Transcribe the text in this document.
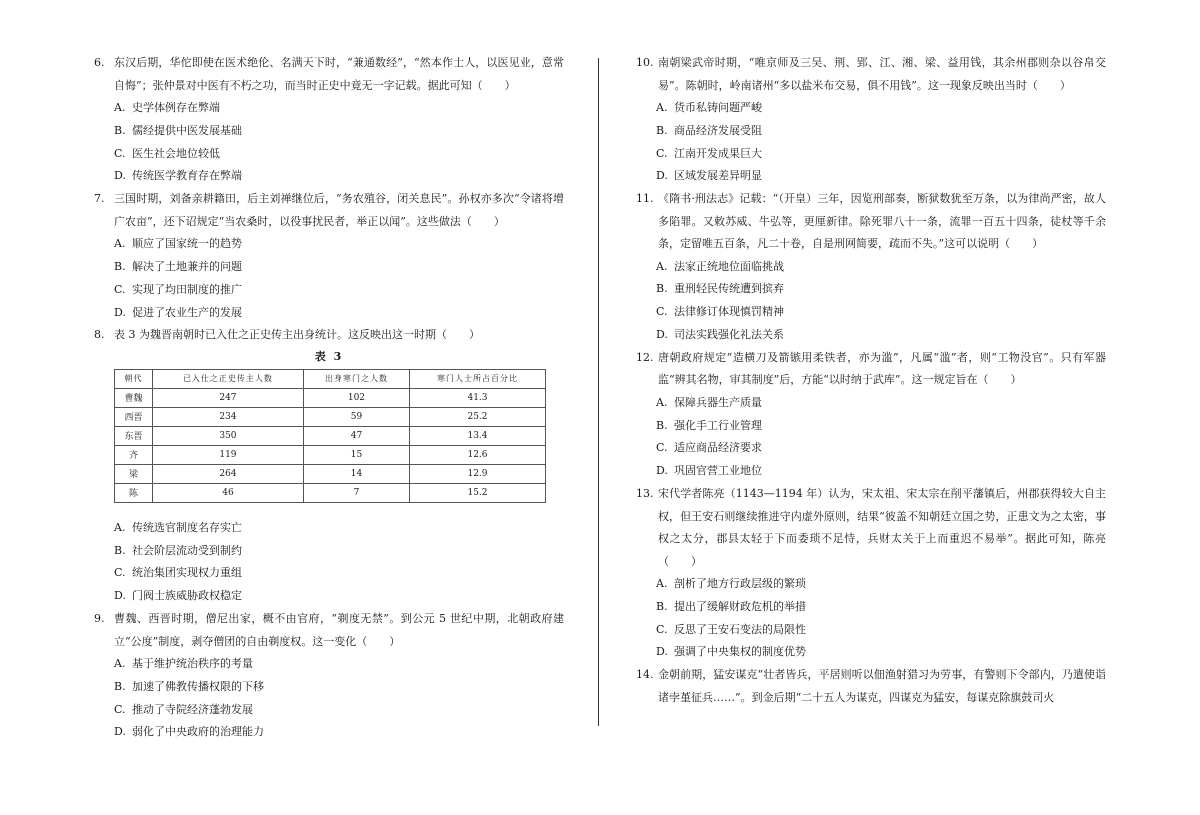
6. 东汉后期，华佗即使在医术绝伦、名满天下时，“兼通数经”，“然本作士人，以医见业，意常自悔”；张仲景对中医有不朽之功，而当时正史中竟无一字记载。据此可知（　　）
A. 史学体例存在弊端
B. 儒经提供中医发展基础
C. 医生社会地位较低
D. 传统医学教育存在弊端
7. 三国时期，刘备亲耕籍田，后主刘禅继位后，“务农殖谷，闭关息民”。孙权亦多次“令诸将增广农亩”，还下诏规定“当农桑时，以役事扰民者，举正以闻”。这些做法（　　）
A. 顺应了国家统一的趋势
B. 解决了土地兼并的问题
C. 实现了均田制度的推广
D. 促进了农业生产的发展
8. 表 3 为魏晋南朝时已入仕之正史传主出身统计。这反映出这一时期（　　）
表 3
朝代	已入仕之正史传主人数	出身寒门之人数	寒门人士所占百分比
曹魏	247	102	41.3
西晋	234	59	25.2
东晋	350	47	13.4
齐	119	15	12.6
梁	264	14	12.9
陈	46	7	15.2
A. 传统选官制度名存实亡
B. 社会阶层流动受到制约
C. 统治集团实现权力重组
D. 门阀士族威胁政权稳定
9. 曹魏、西晋时期，僧尼出家，概不由官府，“剃度无禁”。到公元 5 世纪中期，北朝政府建立“公度”制度，剥夺僧团的自由剃度权。这一变化（　　）
A. 基于维护统治秩序的考量
B. 加速了佛教传播权限的下移
C. 推动了寺院经济蓬勃发展
D. 弱化了中央政府的治理能力
10. 南朝梁武帝时期，“唯京师及三吴、荆、郢、江、湘、梁、益用钱，其余州郡则杂以谷帛交易”。陈朝时，岭南诸州“多以盐米布交易，俱不用钱”。这一现象反映出当时（　　）
A. 货币私铸问题严峻
B. 商品经济发展受阻
C. 江南开发成果巨大
D. 区域发展差异明显
11. 《隋书·刑法志》记载：“（开皇）三年，因览刑部奏，断狱数犹至万条，以为律尚严密，故人多陷罪。又敕苏威、牛弘等，更厘新律。除死罪八十一条，流罪一百五十四条，徒杖等千余条，定留唯五百条，凡二十卷，自是刑网简要，疏而不失。”这可以说明（　　）
A. 法家正统地位面临挑战
B. 重刑轻民传统遭到摈弃
C. 法律修订体现慎罚精神
D. 司法实践强化礼法关系
12. 唐朝政府规定“造横刀及箭镞用柔铁者，亦为滥”，凡属“滥”者，则“工物没官”。只有军器监“辨其名物，审其制度”后，方能“以时纳于武库”。这一规定旨在（　　）
A. 保障兵器生产质量
B. 强化手工行业管理
C. 适应商品经济要求
D. 巩固官营工业地位
13. 宋代学者陈亮（1143—1194 年）认为，宋太祖、宋太宗在削平藩镇后，州郡获得较大自主权，但王安石则继续推进守内虚外原则，结果“彼盖不知朝廷立国之势，正患文为之太密，事权之太分，郡县太轻于下而委琐不足恃，兵财太关于上而重迟不易举”。据此可知，陈亮（　　）
A. 剖析了地方行政层级的繁琐
B. 提出了缓解财政危机的举措
C. 反思了王安石变法的局限性
D. 强调了中央集权的制度优势
14. 金朝前期，猛安谋克“壮者皆兵，平居则听以佃渔射猎习为劳事，有警则下令部内，乃遣使诣诸孛堇征兵……”。到金后期“二十五人为谋克，四谋克为猛安，每谋克除旗鼓司火
